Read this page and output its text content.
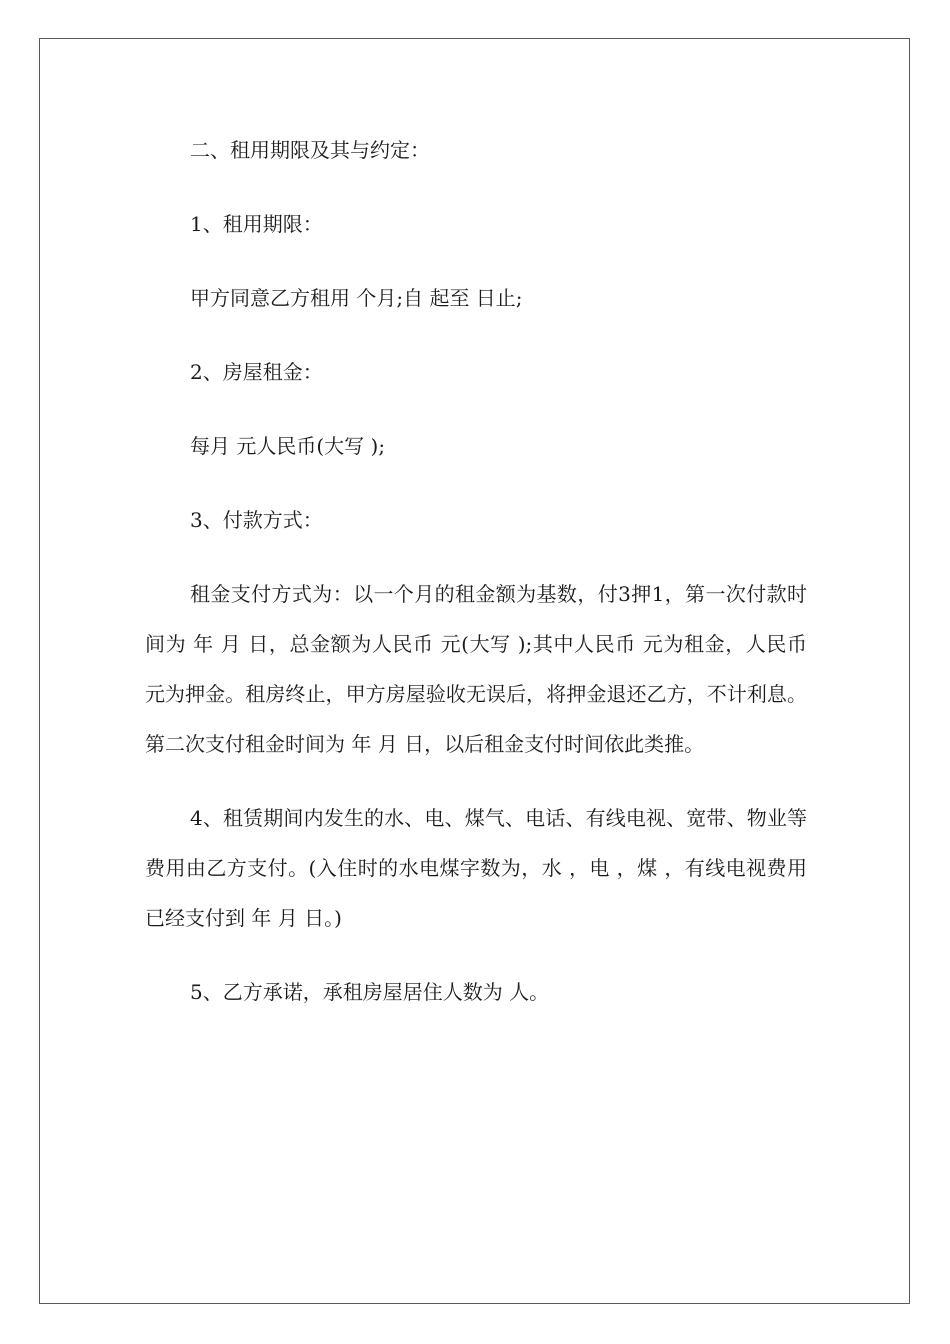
二、租用期限及其与约定：

1、租用期限：

甲方同意乙方租用 个月;自 起至 日止;

2、房屋租金：

每月 元人民币(大写 );

3、付款方式：

租金支付方式为：以一个月的租金额为基数，付3押1，第一次付款时间为 年 月 日，总金额为人民币 元(大写 );其中人民币 元为租金，人民币 元为押金。租房终止，甲方房屋验收无误后，将押金退还乙方，不计利息。第二次支付租金时间为 年 月 日，以后租金支付时间依此类推。

4、租赁期间内发生的水、电、煤气、电话、有线电视、宽带、物业等费用由乙方支付。(入住时的水电煤字数为，水 ，电 ，煤 ，有线电视费用已经支付到 年 月 日。)

5、乙方承诺，承租房屋居住人数为 人。
